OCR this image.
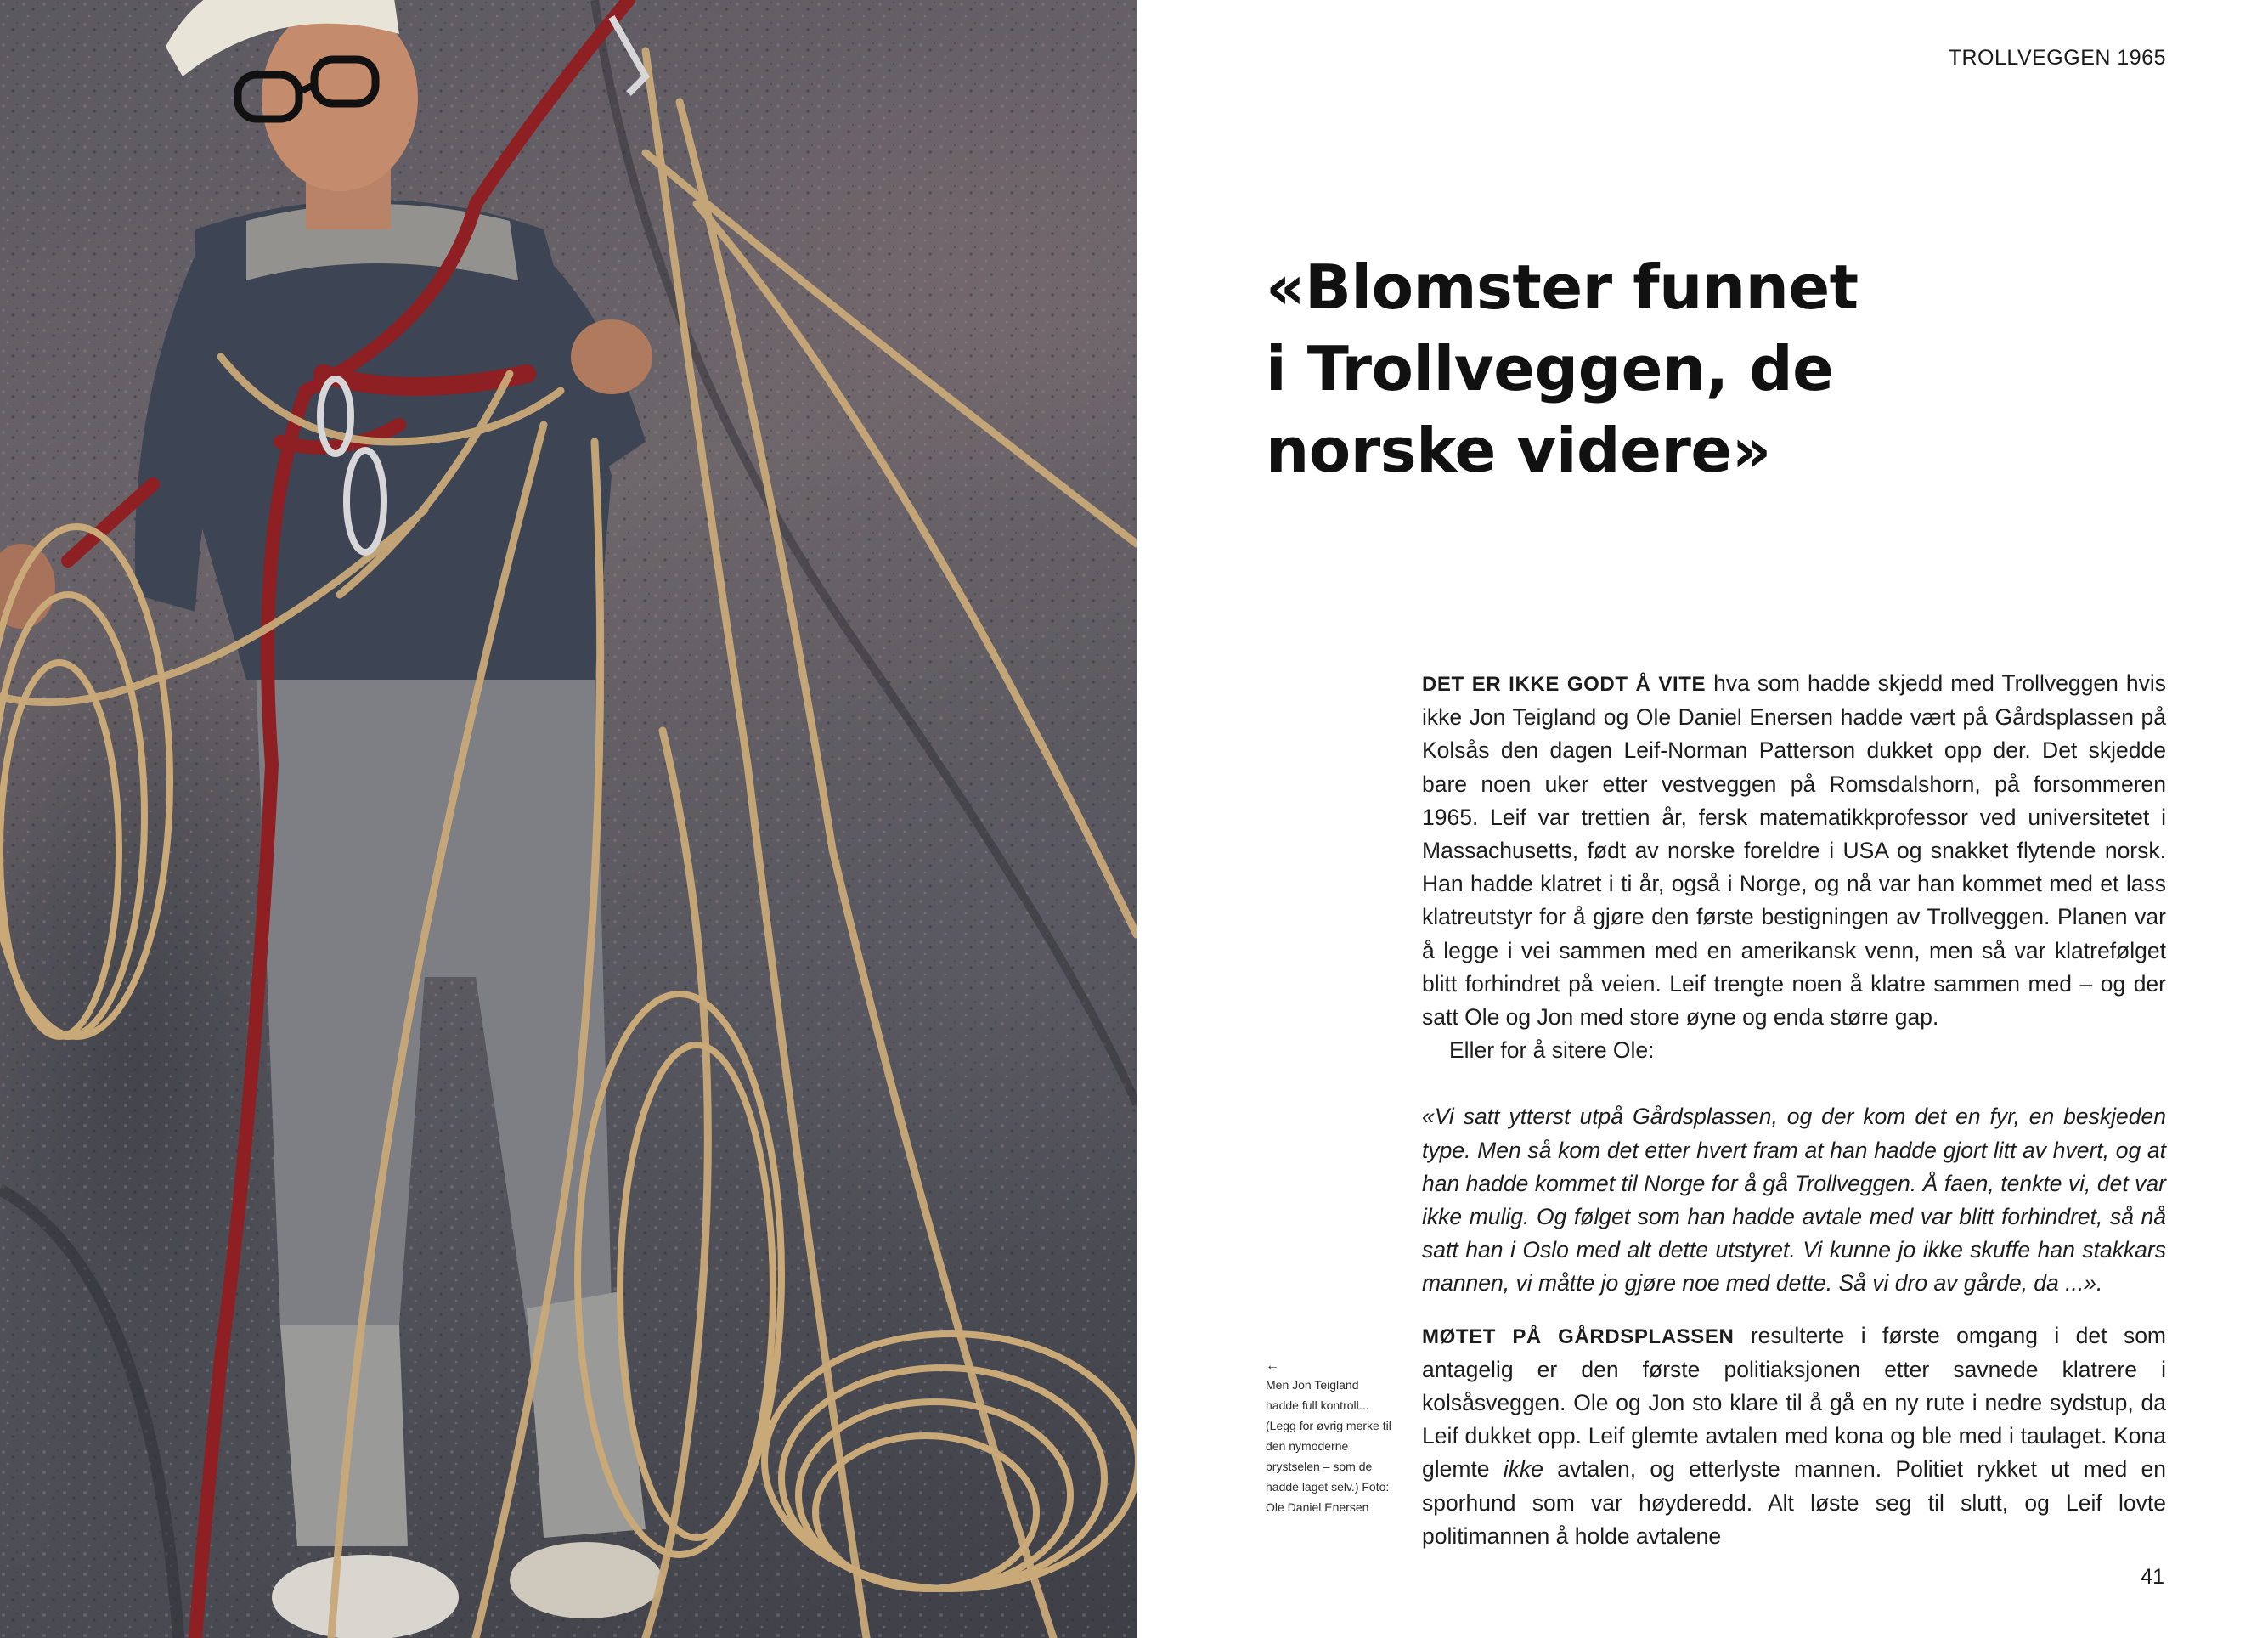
TROLLVEGGEN 1965
«Blomster funnet
i Trollveggen, de
norske videre»

DET ER IKKE GODT Å VITE hva som hadde skjedd med Trollveggen hvis ikke Jon Teigland og Ole Daniel Enersen hadde vært på Gårdsplassen på Kolsås den dagen Leif-Norman Patterson dukket opp der. Det skjedde bare noen uker etter vestveggen på Romsdalshorn, på forsommeren 1965. Leif var trettien år, fersk matematikkprofessor ved universitetet i Massachusetts, født av norske foreldre i USA og snakket flytende norsk. Han hadde klatret i ti år, også i Norge, og nå var han kommet med et lass klatreutstyr for å gjøre den første bestigningen av Trollveggen. Planen var å legge i vei sammen med en amerikansk venn, men så var klatrefølget blitt forhindret på veien. Leif trengte noen å klatre sammen med – og der satt Ole og Jon med store øyne og enda større gap.

Eller for å sitere Ole:

«Vi satt ytterst utpå Gårdsplassen, og der kom det en fyr, en beskjeden type. Men så kom det etter hvert fram at han hadde gjort litt av hvert, og at han hadde kommet til Norge for å gå Trollveggen. Å faen, tenkte vi, det var ikke mulig. Og følget som han hadde avtale med var blitt forhindret, så nå satt han i Oslo med alt dette utstyret. Vi kunne jo ikke skuffe han stakkars mannen, vi måtte jo gjøre noe med dette. Så vi dro av gårde, da ...».

MØTET PÅ GÅRDSPLASSEN resulterte i første omgang i det som antagelig er den første politiaksjonen etter savnede klatrere i kolsåsveggen. Ole og Jon sto klare til å gå en ny rute i nedre sydstup, da Leif dukket opp. Leif glemte avtalen med kona og ble med i taulaget. Kona glemte ikke avtalen, og etterlyste mannen. Politiet rykket ut med en sporhund som var høyderedd. Alt løste seg til slutt, og Leif lovte politimannen å holde avtalene

←
Men Jon Teigland hadde full kontroll... (Legg for øvrig merke til den nymoderne brystselen – som de hadde laget selv.) Foto: Ole Daniel Enersen
41
